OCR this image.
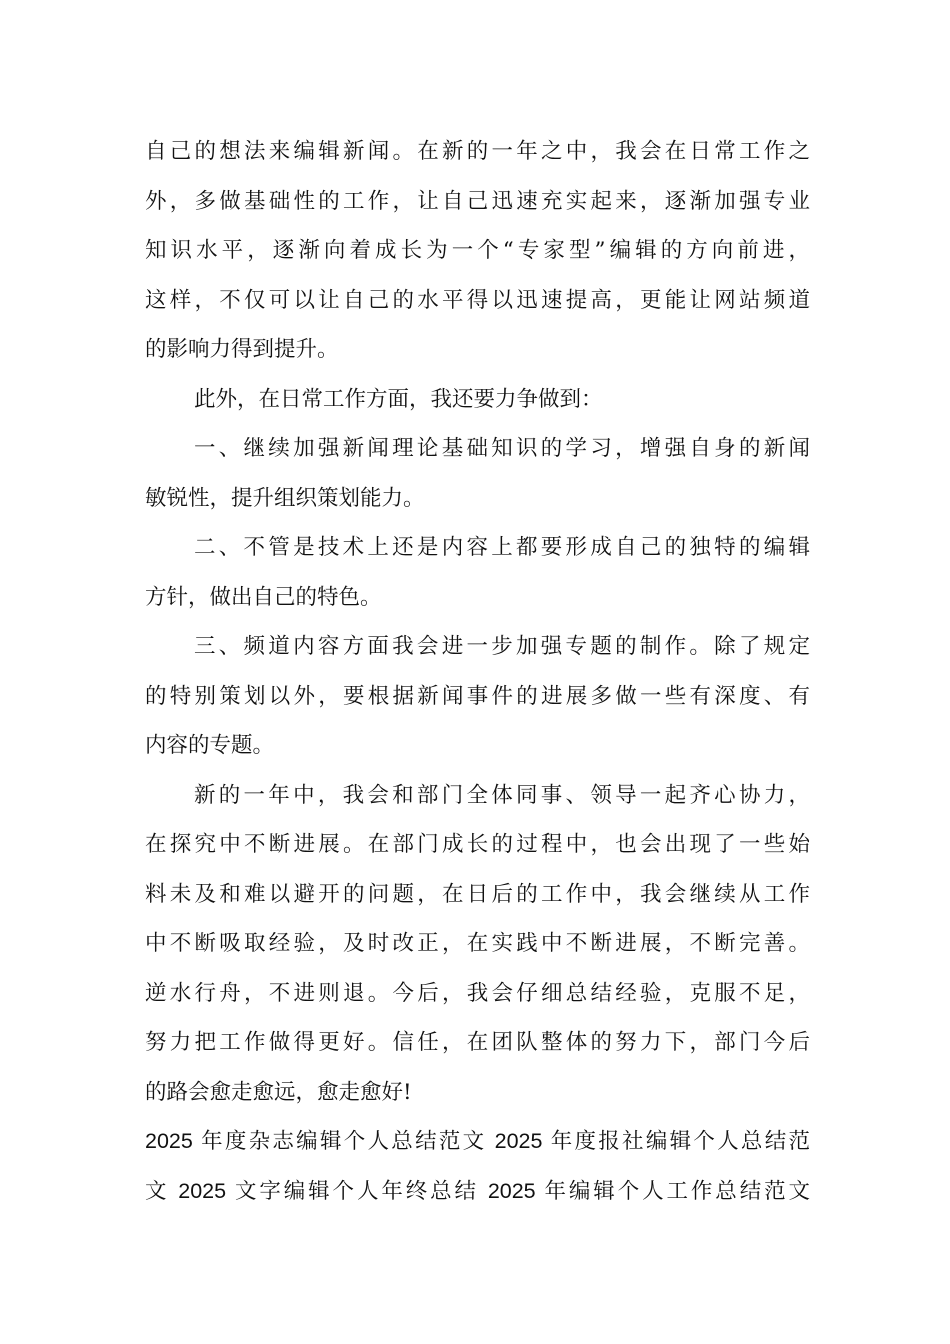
自己的想法来编辑新闻。在新的一年之中，我会在日常工作之
外，多做基础性的工作，让自己迅速充实起来，逐渐加强专业
知识水平，逐渐向着成长为一个“专家型”编辑的方向前进，
这样，不仅可以让自己的水平得以迅速提高，更能让网站频道
的影响力得到提升。
此外，在日常工作方面，我还要力争做到：
一、继续加强新闻理论基础知识的学习，增强自身的新闻
敏锐性，提升组织策划能力。
二、不管是技术上还是内容上都要形成自己的独特的编辑
方针，做出自己的特色。
三、频道内容方面我会进一步加强专题的制作。除了规定
的特别策划以外，要根据新闻事件的进展多做一些有深度、有
内容的专题。
新的一年中，我会和部门全体同事、领导一起齐心协力，
在探究中不断进展。在部门成长的过程中，也会出现了一些始
料未及和难以避开的问题，在日后的工作中，我会继续从工作
中不断吸取经验，及时改正，在实践中不断进展，不断完善。
逆水行舟，不进则退。今后，我会仔细总结经验，克服不足，
努力把工作做得更好。信任，在团队整体的努力下，部门今后
的路会愈走愈远，愈走愈好!
2025 年度杂志编辑个人总结范文 2025 年度报社编辑个人总结范
文 2025 文字编辑个人年终总结 2025 年编辑个人工作总结范文
